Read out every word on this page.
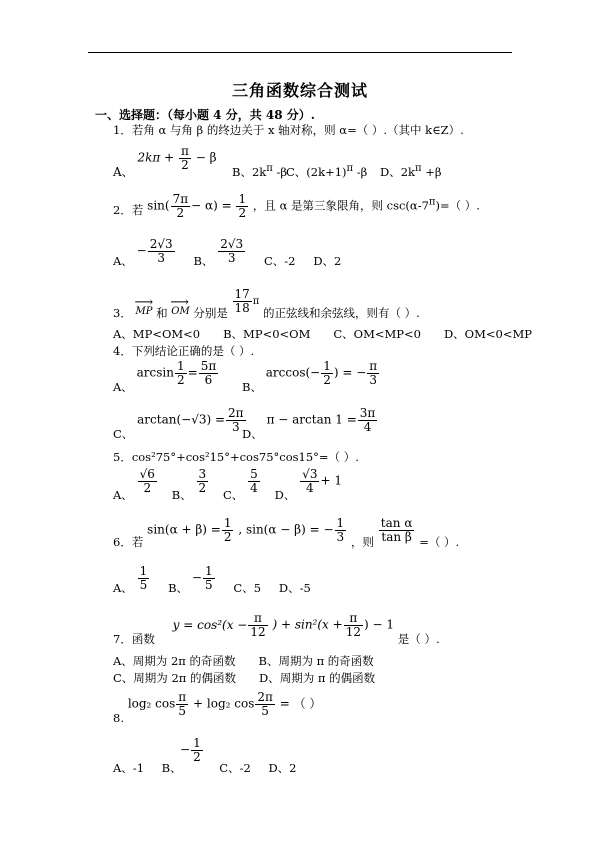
三角函数综合测试
一、选择题：（每小题 4 分，共 48 分）.
1．若角 α 与角 β 的终边关于 x 轴对称，则 α=（ ）.（其中 k∈Z）.
A、 $2k\pi + \frac{\pi}{2} - \beta$
B、$2k^\pi$ -β
C、$(2k+1)^\pi$ -β D、$2k^\pi +\beta$
2．若 $\sin( \frac{7\pi}{2} - \alpha) = \frac{1}{2}$ ，且 α 是第三象限角，则 $\csc(\alpha-7^\pi)=$（ ）.
A、 − $\frac{2√3}{3}$ B、 $\frac{2√3}{3}$ C、-2 D、2
3． ⟶ MP 和 ⟶ OM 分别是 $\frac{17}{18}$ π 的正弦线和余弦线，则有（ ）.
A、MP<OM<0　　B、MP<0<OM　　C、OM<MP<0　　D、OM<0<MP
4．下列结论正确的是（ ）.
A、 $\arcsin \frac{1}{2} = \frac{5\pi}{6}$
B、 $\arccos(- \frac{1}{2}$ ) = − $\frac{\pi}{3}$
C、 $\arctan(-√3) = \frac{2\pi}{3}$
D、 $\pi - \arctan 1 = \frac{3\pi}{4}$
5．cos²75°+cos²15°+cos75°cos15°=（ ）.
A、
$\frac{√6}{2}$
B、
$\frac{3}{2}$
C、
$\frac{5}{4}$
D、
$\frac{√3}{4} + 1$
6．若 $\sin(\alpha + \beta) = \frac{1}{2}$ , sin(α − β) = − $\frac{1}{3}$ ，则 $\frac{\text{tan α}}{\text{tan β}}$ =（ ）.
A、 $\frac{1}{5}$ B、 − $\frac{1}{5}$ C、5 D、-5
7．函数 $y = \cos^2(x - \frac{\pi}{12}$ ) + $\sin^2(x + \frac{\pi}{12}$ ) − 1 是（ ）.
A、周期为 2π 的奇函数　　B、周期为 π 的奇函数
C、周期为 2π 的偶函数　　D、周期为 π 的偶函数
8. log₂ $\cos \frac{\pi}{5} + \log_2$ $\cos \frac{2\pi}{5}$ = （ ）
− $\frac{1}{2}$
A、-1 B、	C、-2 D、2
